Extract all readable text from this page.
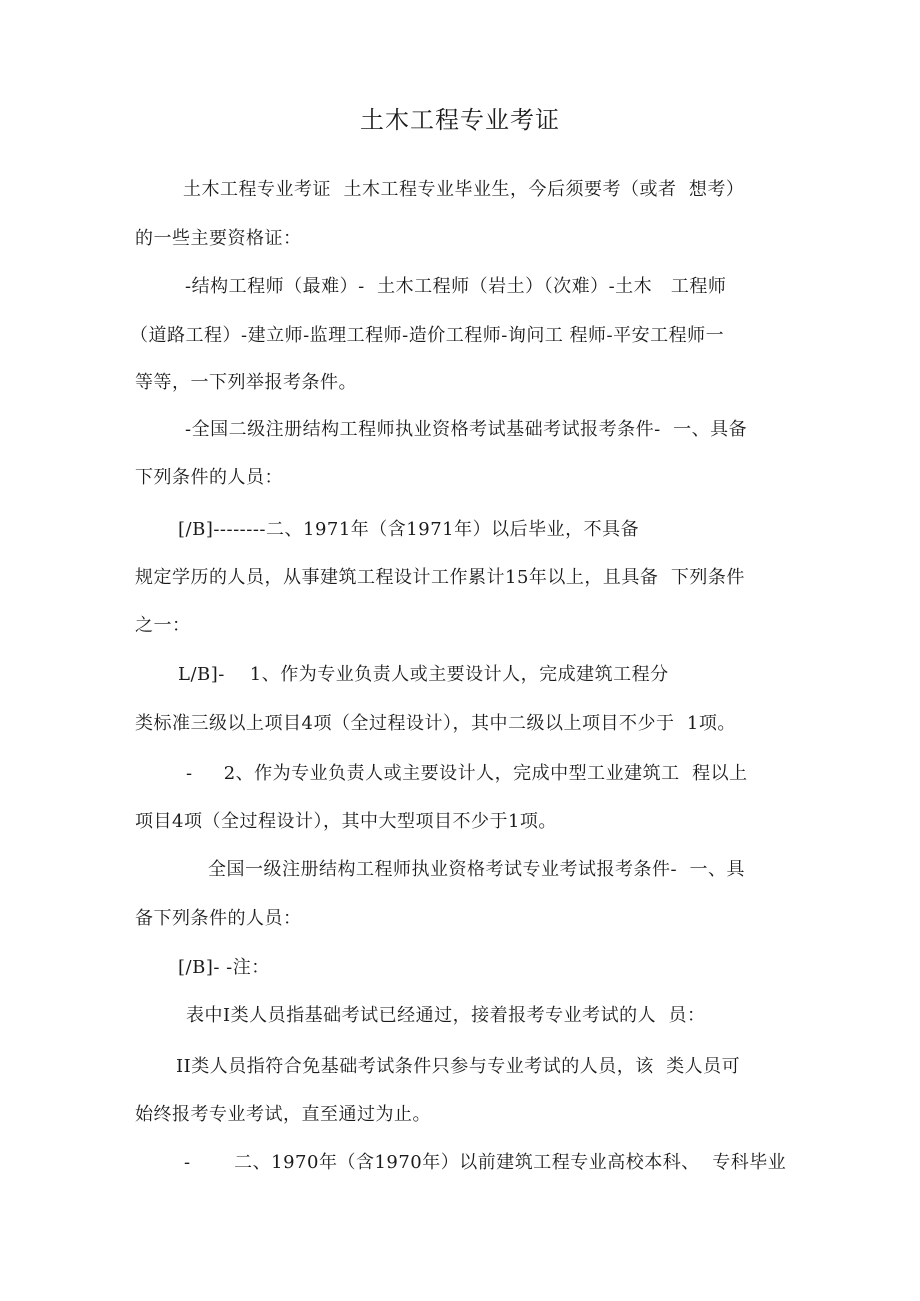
土木工程专业考证
土木工程专业考证  土木工程专业毕业生，今后须要考（或者  想考）
的一些主要资格证：
-结构工程师（最难）-  土木工程师（岩土）（次难）-土木   工程师
（道路工程）-建立师-监理工程师-造价工程师-询问工 程师-平安工程师一
等等，一下列举报考条件。
-全国二级注册结构工程师执业资格考试基础考试报考条件-  一、具备
下列条件的人员：
[/B]--------二、1971年（含1971年）以后毕业，不具备
规定学历的人员，从事建筑工程设计工作累计15年以上，且具备  下列条件
之一：
L/B]-    1、作为专业负责人或主要设计人，完成建筑工程分
类标准三级以上项目4项（全过程设计），其中二级以上项目不少于  1项。
-     2、作为专业负责人或主要设计人，完成中型工业建筑工  程以上
项目4项（全过程设计），其中大型项目不少于1项。
全国一级注册结构工程师执业资格考试专业考试报考条件-  一、具
备下列条件的人员：
[/B]- -注：
表中I类人员指基础考试已经通过，接着报考专业考试的人  员：
II类人员指符合免基础考试条件只参与专业考试的人员，该  类人员可
始终报考专业考试，直至通过为止。
-       二、1970年（含1970年）以前建筑工程专业高校本科、  专科毕业
